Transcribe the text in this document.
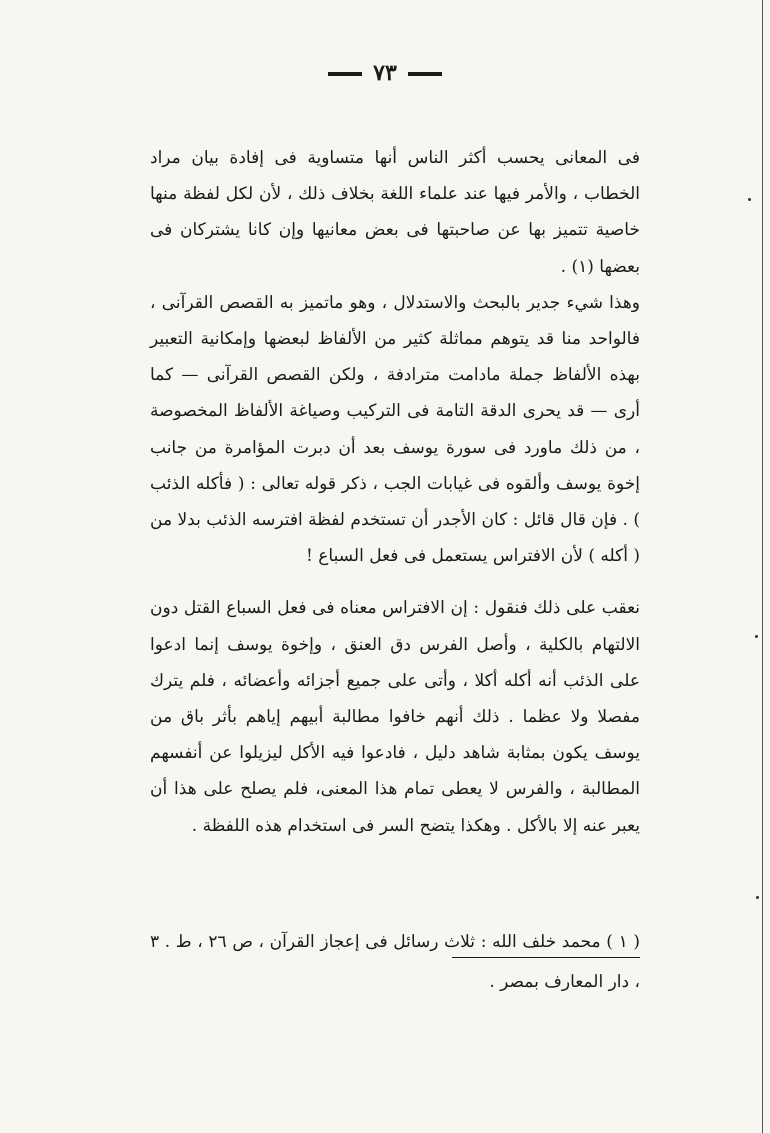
٧٣

فى المعانى يحسب أكثر الناس أنها متساوية فى إفادة بيان مراد الخطاب ، والأمر فيها عند علماء اللغة بخلاف ذلك ، لأن لكل لفظة منها خاصية تتميز بها عن صاحبتها فى بعض معانيها وإن كانا يشتركان فى بعضها (١) .

وهذا شيء جدير بالبحث والاستدلال ، وهو ماتميز به القصص القرآنى ، فالواحد منا قد يتوهم مماثلة كثير من الألفاظ لبعضها وإمكانية التعبير بهذه الألفاظ جملة مادامت مترادفة ، ولكن القصص القرآنى — كما أرى — قد يحرى الدقة التامة فى التركيب وصياغة الألفاظ المخصوصة ، من ذلك ماورد فى سورة يوسف بعد أن دبرت المؤامرة من جانب إخوة يوسف وألقوه فى غيابات الجب ، ذكر قوله تعالى : ( فأكله الذئب ) . فإن قال قائل : كان الأجدر أن تستخدم لفظة افترسه الذئب بدلا من ( أكله ) لأن الافتراس يستعمل فى فعل السباع !

نعقب على ذلك فنقول : إن الافتراس معناه فى فعل السباع القتل دون الالتهام بالكلية ، وأصل الفرس دق العنق ، وإخوة يوسف إنما ادعوا على الذئب أنه أكله أكلا ، وأتى على جميع أجزائه وأعضائه ، فلم يترك مفصلا ولا عظما . ذلك أنهم خافوا مطالبة أبيهم إياهم بأثر باق من يوسف يكون بمثابة شاهد دليل ، فادعوا فيه الأكل ليزيلوا عن أنفسهم المطالبة ، والفرس لا يعطى تمام هذا المعنى، فلم يصلح على هذا أن يعبر عنه إلا بالأكل . وهكذا يتضح السر فى استخدام هذه اللفظة .

( ١ ) محمد خلف الله : ثلاث رسائل فى إعجاز القرآن ، ص ٢٦ ، ط . ٣ ، دار المعارف بمصر .
